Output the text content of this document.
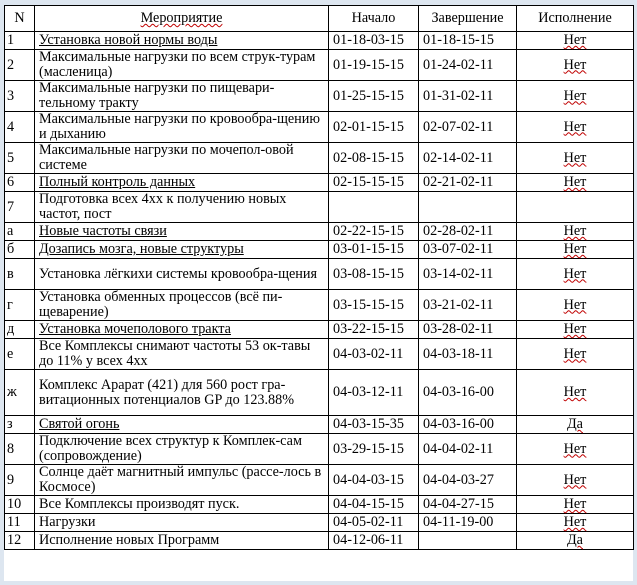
N	Мероприятие	Начало	Завершение	Исполнение
1	Установка новой нормы воды	01-18-03-15	01-18-15-15	Нет
2	Максимальные нагрузки по всем струк-турам (масленица)	01-19-15-15	01-24-02-11	Нет
3	Максимальные нагрузки по пищевари-тельному тракту	01-25-15-15	01-31-02-11	Нет
4	Максимальные нагрузки по кровообра-щению и дыханию	02-01-15-15	02-07-02-11	Нет
5	Максимальные нагрузки по мочепол-овой системе	02-08-15-15	02-14-02-11	Нет
6	Полный контроль данных	02-15-15-15	02-21-02-11	Нет
7	Подготовка всех 4хх к получению новых частот, пост			
а	Новые частоты связи	02-22-15-15	02-28-02-11	Нет
б	Дозапись мозга, новые структуры	03-01-15-15	03-07-02-11	Нет
в	Установка лёгкихи системы кровообра-щения	03-08-15-15	03-14-02-11	Нет
г	Установка обменных процессов (всё пи-щеварение)	03-15-15-15	03-21-02-11	Нет
д	Установка мочеполового тракта	03-22-15-15	03-28-02-11	Нет
е	Все Комплексы снимают частоты 53 ок-тавы до 11% у всех 4хх	04-03-02-11	04-03-18-11	Нет
ж	Комплекс Арарат (421) для 560 рост гра-витационных потенциалов GP до 123.88%	04-03-12-11	04-03-16-00	Нет
з	Святой огонь	04-03-15-35	04-03-16-00	Да
8	Подключение всех структур к Комплек-сам (сопровождение)	03-29-15-15	04-04-02-11	Нет
9	Солнце даёт магнитный импульс (рассе-лось в Космосе)	04-04-03-15	04-04-03-27	Нет
10	Все Комплексы производят пуск.	04-04-15-15	04-04-27-15	Нет
11	Нагрузки	04-05-02-11	04-11-19-00	Нет
12	Исполнение новых Программ	04-12-06-11		Да
